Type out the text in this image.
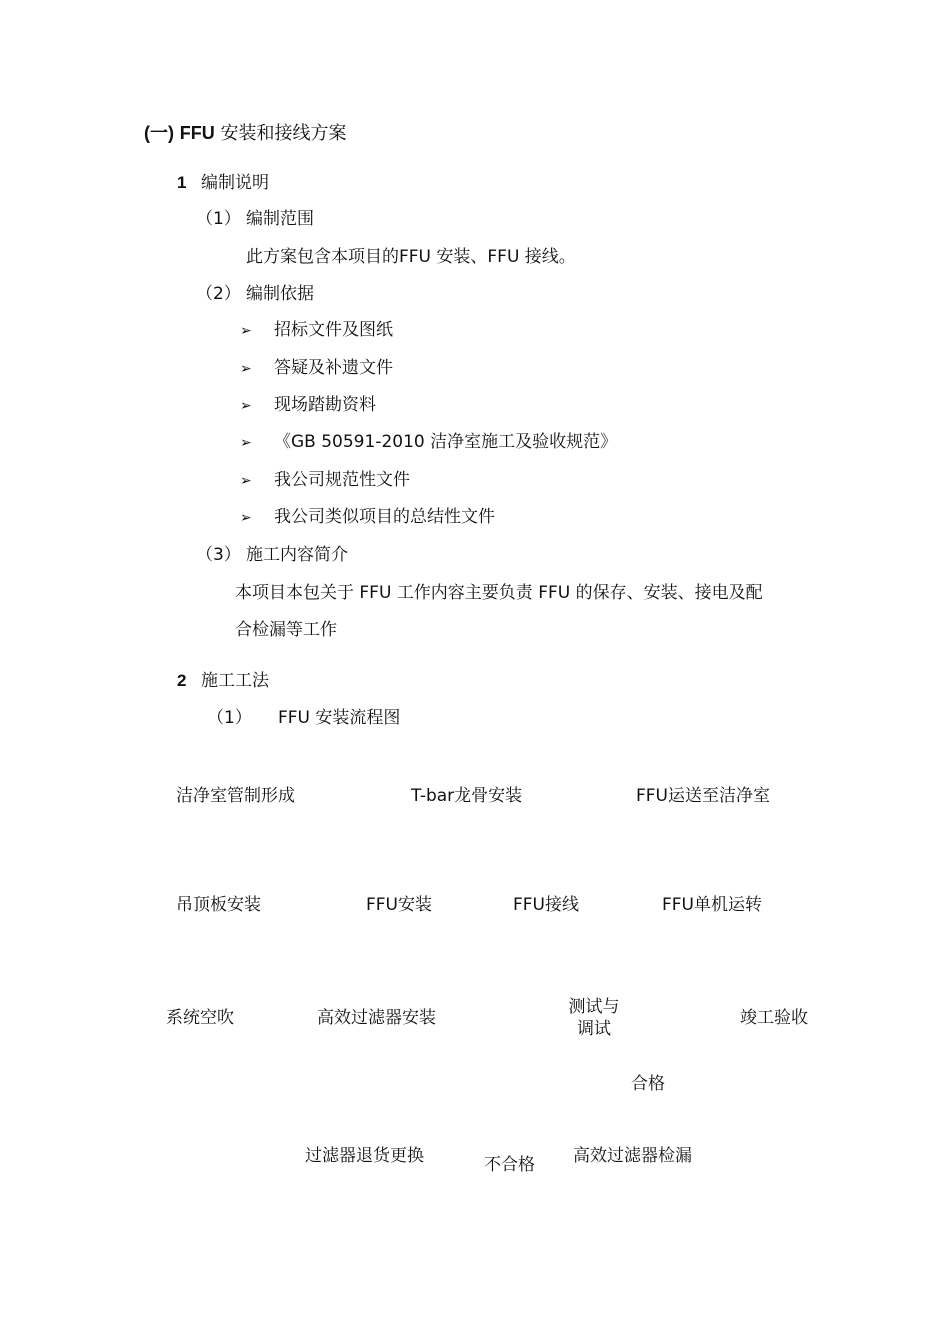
(一) FFU 安装和接线方案
1 编制说明
（1） 编制范围
此方案包含本项目的FFU 安装、FFU 接线。
（2） 编制依据
➢ 招标文件及图纸
➢ 答疑及补遗文件
➢ 现场踏勘资料
➢ 《GB 50591-2010 洁净室施工及验收规范》
➢ 我公司规范性文件
➢ 我公司类似项目的总结性文件
（3） 施工内容简介
本项目本包关于 FFU 工作内容主要负责 FFU 的保存、安装、接电及配
合检漏等工作
2 施工工法
（1） FFU 安装流程图
洁净室管制形成	T-bar龙骨安装	FFU运送至洁净室
吊顶板安装	FFU安装	FFU接线	FFU单机运转
系统空吹	高效过滤器安装
测试与
调试
竣工验收
合格
过滤器退货更换	不合格 高效过滤器检漏
